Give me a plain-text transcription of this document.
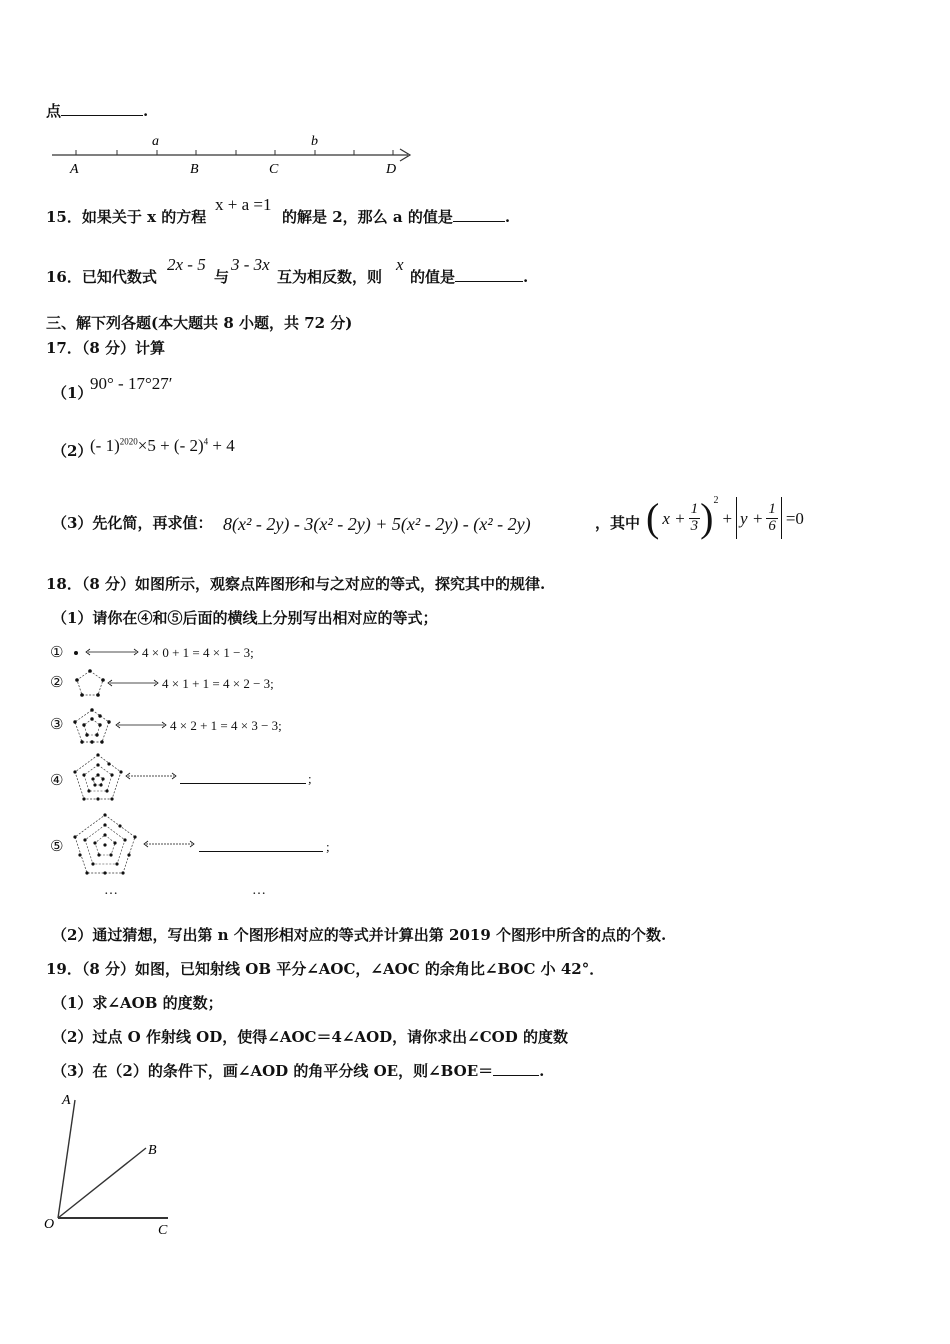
点	.
A	B	C	D
a	b
15．如果关于 x 的方程
x + a =1
的解是 2，那么 a 的值是	.
16．已知代数式
2x - 5
与
3 - 3x
互为相反数，则
x
的值是	.
三、解下列各题(本大题共 8 小题，共 72 分)
17．（8 分）计算
（1）
90° - 17°27′
（2）
(- 1)$^{2020}$×5 + (- 2)$^4$ + 4
（3）先化简，再求值： 8(x² - 2y) - 3(x² - 2y) + 5(x² - 2y) - (x² - 2y)	，其中 ( $x + \frac{1}{3} )^2$
+ $y + \frac{1}{6} =0$
18．（8 分）如图所示，观察点阵图形和与之对应的等式，探究其中的规律.
（1）请你在④和⑤后面的横线上分别写出相对应的等式；
①	4 × 0 + 1 = 4 × 1 − 3;
②	4 × 1 + 1 = 4 × 2 − 3;
③	4 × 2 + 1 = 4 × 3 − 3;
④	;
⑤	;
…	…
（2）通过猜想，写出第 n 个图形相对应的等式并计算出第 2019 个图形中所含的点的个数.
19．（8 分）如图，已知射线 OB 平分∠AOC，∠AOC 的余角比∠BOC 小 42°．
（1）求∠AOB 的度数；
（2）过点 O 作射线 OD，使得∠AOC＝4∠AOD，请你求出∠COD 的度数
（3）在（2）的条件下，画∠AOD 的角平分线 OE，则∠BOE＝	.
A
B
O	C
